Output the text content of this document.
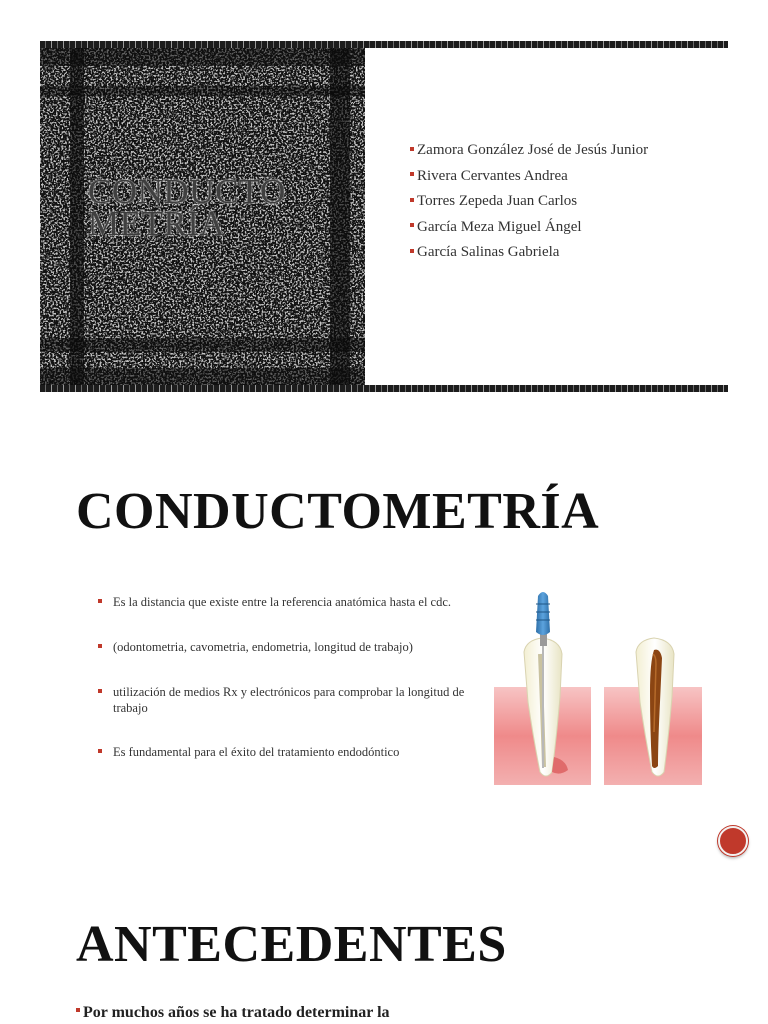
CONDUCTO
METRÍA
Zamora González José de Jesús Junior
Rivera Cervantes Andrea
Torres Zepeda Juan Carlos
García Meza Miguel Ángel
García Salinas Gabriela
CONDUCTOMETRÍA
Es la distancia que existe entre la referencia anatómica hasta el cdc.
(odontometria, cavometria, endometria, longitud de trabajo)
utilización de medios Rx y electrónicos para comprobar la longitud de trabajo
Es fundamental para el éxito del tratamiento endodóntico
ANTECEDENTES

Por muchos años se ha tratado determinar la
